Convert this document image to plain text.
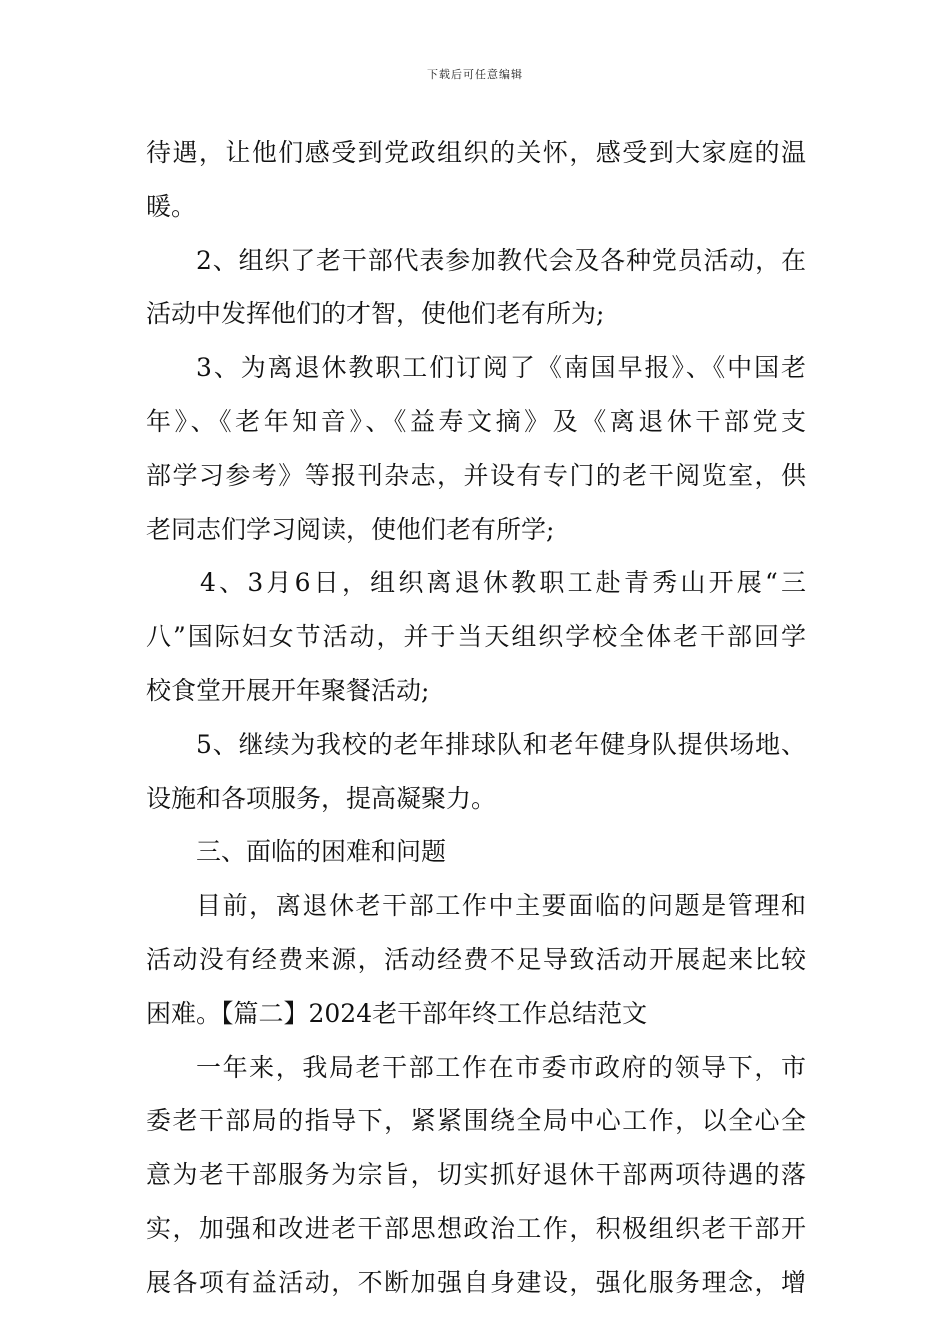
下载后可任意编辑
待遇，让他们感受到党政组织的关怀，感受到大家庭的温
暖。
2、组织了老干部代表参加教代会及各种党员活动，在
活动中发挥他们的才智，使他们老有所为;
3、为离退休教职工们订阅了《南国早报》、《中国老
年》、《老年知音》、《益寿文摘》及《离退休干部党支
部学习参考》等报刊杂志，并设有专门的老干阅览室，供
老同志们学习阅读，使他们老有所学;
4、3月6日，组织离退休教职工赴青秀山开展“三
八”国际妇女节活动，并于当天组织学校全体老干部回学
校食堂开展开年聚餐活动;
5、继续为我校的老年排球队和老年健身队提供场地、
设施和各项服务，提高凝聚力。
三、面临的困难和问题
目前，离退休老干部工作中主要面临的问题是管理和
活动没有经费来源，活动经费不足导致活动开展起来比较
困难。【篇二】2024老干部年终工作总结范文
一年来，我局老干部工作在市委市政府的领导下，市
委老干部局的指导下，紧紧围绕全局中心工作，以全心全
意为老干部服务为宗旨，切实抓好退休干部两项待遇的落
实，加强和改进老干部思想政治工作，积极组织老干部开
展各项有益活动，不断加强自身建设，强化服务理念，增
